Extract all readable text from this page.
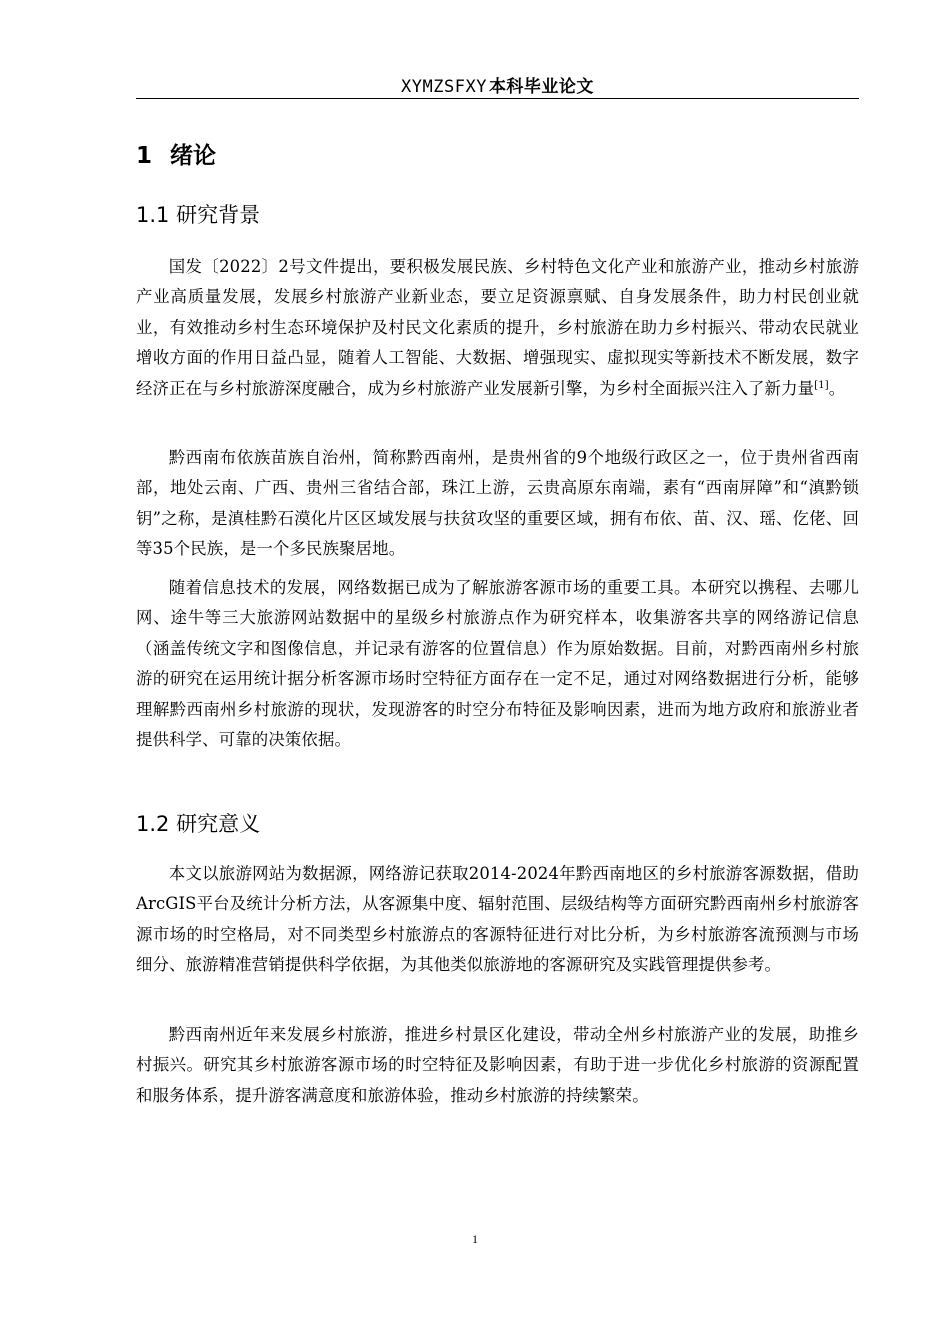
XYMZSFXY 本科毕业论文
1 绪论
1.1 研究背景

国发〔2022〕2号文件提出，要积极发展民族、乡村特色文化产业和旅游产业，推动乡村旅游产业高质量发展，发展乡村旅游产业新业态，要立足资源禀赋、自身发展条件，助力村民创业就业，有效推动乡村生态环境保护及村民文化素质的提升，乡村旅游在助力乡村振兴、带动农民就业增收方面的作用日益凸显，随着人工智能、大数据、增强现实、虚拟现实等新技术不断发展，数字经济正在与乡村旅游深度融合，成为乡村旅游产业发展新引擎，为乡村全面振兴注入了新力量[1]。

黔西南布依族苗族自治州，简称黔西南州，是贵州省的9个地级行政区之一，位于贵州省西南部，地处云南、广西、贵州三省结合部，珠江上游，云贵高原东南端，素有“西南屏障”和“滇黔锁钥”之称，是滇桂黔石漠化片区区域发展与扶贫攻坚的重要区域，拥有布依、苗、汉、瑶、仡佬、回等35个民族，是一个多民族聚居地。

随着信息技术的发展，网络数据已成为了解旅游客源市场的重要工具。本研究以携程、去哪儿网、途牛等三大旅游网站数据中的星级乡村旅游点作为研究样本，收集游客共享的网络游记信息（涵盖传统文字和图像信息，并记录有游客的位置信息）作为原始数据。目前，对黔西南州乡村旅游的研究在运用统计据分析客源市场时空特征方面存在一定不足，通过对网络数据进行分析，能够理解黔西南州乡村旅游的现状，发现游客的时空分布特征及影响因素，进而为地方政府和旅游业者提供科学、可靠的决策依据。

1.2 研究意义

本文以旅游网站为数据源，网络游记获取2014-2024年黔西南地区的乡村旅游客源数据，借助ArcGIS平台及统计分析方法，从客源集中度、辐射范围、层级结构等方面研究黔西南州乡村旅游客源市场的时空格局，对不同类型乡村旅游点的客源特征进行对比分析，为乡村旅游客流预测与市场细分、旅游精准营销提供科学依据，为其他类似旅游地的客源研究及实践管理提供参考。

黔西南州近年来发展乡村旅游，推进乡村景区化建设，带动全州乡村旅游产业的发展，助推乡村振兴。研究其乡村旅游客源市场的时空特征及影响因素，有助于进一步优化乡村旅游的资源配置和服务体系，提升游客满意度和旅游体验，推动乡村旅游的持续繁荣。

1
